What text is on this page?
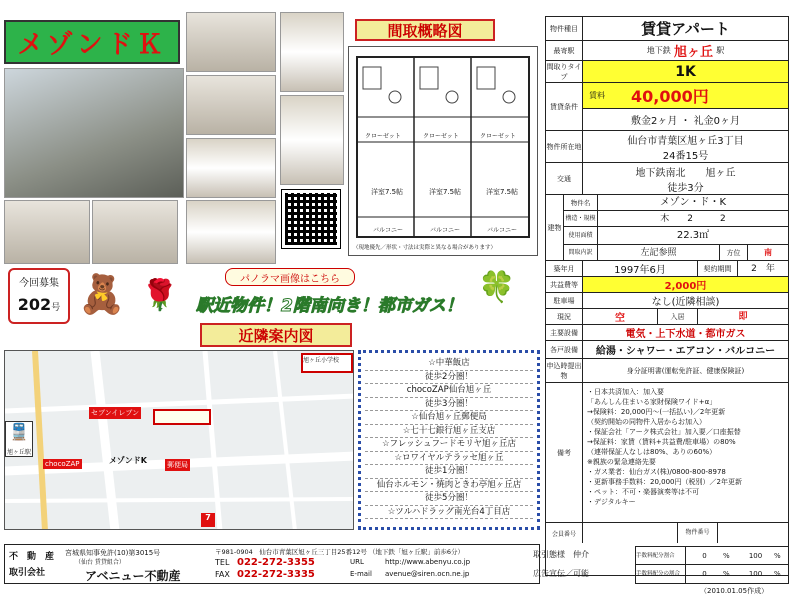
メゾンドＫ	間取概略図
洋室7.5帖	洋室7.5帖	洋室7.5帖
クローゼット	クローゼット	クローゼット
バルコニー	バルコニー	バルコニー
（現地優先／形状・寸法は実際と異なる場合があります）
今回募集
202号 🧸 🌹	🍀
パノラマ画像はこちら
駅近物件！2階南向き！都市ガス！
近隣案内図
🚆
旭ヶ丘駅
セブンイレブン
メゾンドK
chocoZAP	郵便局
旭ヶ丘小学校
7
☆中華飯店
徒歩2分圏！
chocoZAP仙台旭ヶ丘
徒歩3分圏！
☆仙台旭ヶ丘郵便局
☆七十七銀行旭ヶ丘支店
☆フレッシュフードモリヤ旭ヶ丘店
☆ロワイヤルテラッセ旭ヶ丘
徒歩1分圏！
仙台ホルモン・焼肉ときわ亭旭ヶ丘店
徒歩5分圏！
☆ツルハドラッグ南光台4丁目店
物件種目	賃貸アパート
最寄駅	地下鉄
旭ヶ丘
駅
間取りタイプ	1K
賃貸条件
賃料	40,000円
敷金2ヶ月 ・ 礼金0ヶ月
物件所在地	仙台市青葉区旭ヶ丘3丁目
24番15号
交通	地下鉄南北　　旭ヶ丘
徒歩3分
建物
物件名	メゾン・ド・K
構造・規模	木　　2　　　2
使用面積	22.3㎡
間取内訳	左記参照	方位	南
築年月	1997年6月	契約期間	2　年
共益費等	2,000円
駐車場	なし(近隣相談)
現況	空	入居	即
主要設備	電気・上下水道・都市ガス
各戸設備	給湯・シャワー・エアコン・バルコニー
申込時提出物
身分証明書(運転免許証、健康保険証)
備考
・日本共済加入：加入要
「あんしん住まいる家財保険ワイド+α」
→保険料：20,000円〜(一括払い)／2年更新
（契約開始の同物件入居からお加入）
・保証会社「アーク株式会社」加入要／口座振替
→保証料：家賃（賃料+共益費/駐車場）の80%
（連帯保証人なしは80%、ありの60%）
※親族の緊急連絡先要
・ガス業者：仙台ガス(株)/0800-800-8978
・更新事務手数料：20,000円（税別）／2年更新
・ペット：不可・楽器演奏等は不可
・デジタルキー
会員番号	物件番号
不　動　産
取引会社
宮城県知事免許(10)第3015号
（仙台 賃貸組合）
アベニュー不動産
〒981-0904　仙台市青葉区旭ヶ丘三丁目25番12号 （地下鉄「旭ヶ丘駅」前歩6分）
TEL 022-272-3355
FAX 022-272-3335
URL	http://www.abenyu.co.jp
E-mail avenue@siren.ocn.ne.jp
取引態様　 仲介
広告宣伝／可能
手数料配分割合	0	%	100	%
手数料配分の割合	0	%	100	%
（2010.01.05作成）
